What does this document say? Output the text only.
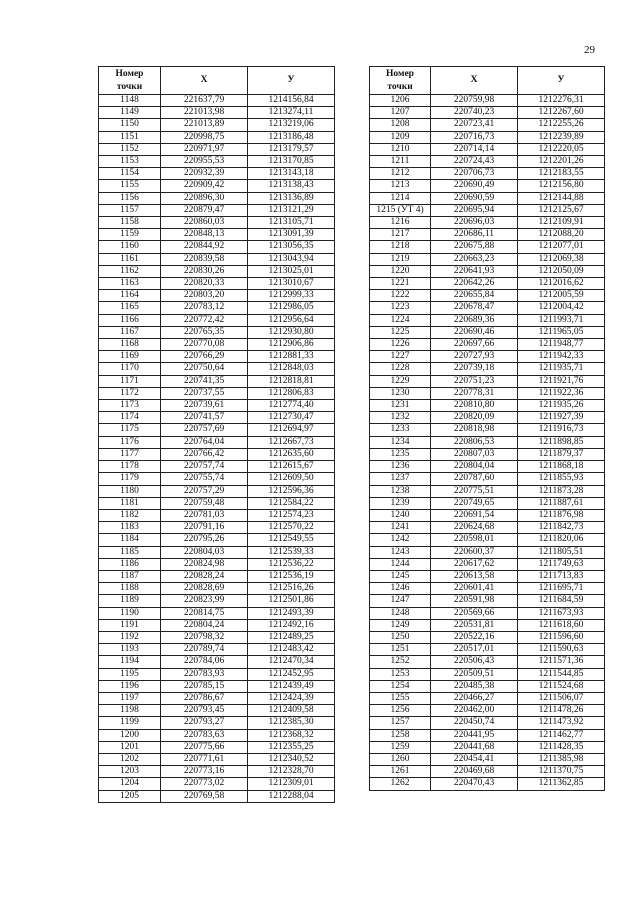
29
Номер точки	Х	У
1148	221637,79	1214156,84
1149	221013,98	1213274,11
1150	221013,89	1213219,06
1151	220998,75	1213186,48
1152	220971,97	1213179,57
1153	220955,53	1213170,85
1154	220932,39	1213143,18
1155	220909,42	1213138,43
1156	220896,30	1213136,89
1157	220879,47	1213121,29
1158	220860,03	1213105,71
1159	220848,13	1213091,39
1160	220844,92	1213056,35
1161	220839,58	1213043,94
1162	220830,26	1213025,01
1163	220820,33	1213010,67
1164	220803,20	1212999,33
1165	220783,12	1212986,05
1166	220772,42	1212956,64
1167	220765,35	1212930,80
1168	220770,08	1212906,86
1169	220766,29	1212881,33
1170	220750,64	1212848,03
1171	220741,35	1212818,81
1172	220737,55	1212806,83
1173	220739,61	1212774,40
1174	220741,57	1212730,47
1175	220757,69	1212694,97
1176	220764,04	1212667,73
1177	220766,42	1212635,60
1178	220757,74	1212615,67
1179	220755,74	1212609,50
1180	220757,29	1212596,36
1181	220759,48	1212584,22
1182	220781,03	1212574,23
1183	220791,16	1212570,22
1184	220795,26	1212549,55
1185	220804,03	1212539,33
1186	220824,98	1212536,22
1187	220828,24	1212536,19
1188	220828,69	1212516,26
1189	220823,99	1212501,86
1190	220814,75	1212493,39
1191	220804,24	1212492,16
1192	220798,32	1212489,25
1193	220789,74	1212483,42
1194	220784,06	1212470,34
1195	220783,93	1212452,95
1196	220785,15	1212439,49
1197	220786,67	1212424,39
1198	220793,45	1212409,58
1199	220793,27	1212385,30
1200	220783,63	1212368,32
1201	220775,66	1212355,25
1202	220771,61	1212340,52
1203	220773,16	1212328,70
1204	220773,02	1212309,01
1205	220769,58	1212288,04
Номер точки	Х	У
1206	220759,98	1212276,31
1207	220740,23	1212267,60
1208	220723,41	1212255,26
1209	220716,73	1212239,89
1210	220714,14	1212220,05
1211	220724,43	1212201,26
1212	220706,73	1212183,55
1213	220690,49	1212156,80
1214	220690,59	1212144,88
1215 (УТ 4)	220695,94	1212125,67
1216	220696,03	1212109,91
1217	220686,11	1212088,20
1218	220675,88	1212077,01
1219	220663,23	1212069,38
1220	220641,93	1212050,09
1221	220642,26	1212016,62
1222	220655,84	1212005,59
1223	220678,47	1212004,42
1224	220689,36	1211993,71
1225	220690,46	1211965,05
1226	220697,66	1211948,77
1227	220727,93	1211942,33
1228	220739,18	1211935,71
1229	220751,23	1211921,76
1230	220778,31	1211922,36
1231	220810,80	1211935,26
1232	220820,09	1211927,39
1233	220818,98	1211916,73
1234	220806,53	1211898,85
1235	220807,03	1211879,37
1236	220804,04	1211868,18
1237	220787,60	1211855,93
1238	220775,51	1211873,28
1239	220749,65	1211887,61
1240	220691,54	1211876,98
1241	220624,68	1211842,73
1242	220598,01	1211820,06
1243	220600,37	1211805,51
1244	220617,62	1211749,63
1245	220613,58	1211713,83
1246	220601,41	1211695,71
1247	220591,98	1211684,59
1248	220569,66	1211673,93
1249	220531,81	1211618,60
1250	220522,16	1211596,60
1251	220517,01	1211590,63
1252	220506,43	1211571,36
1253	220509,51	1211544,85
1254	220485,38	1211524,68
1255	220466,27	1211506,07
1256	220462,00	1211478,26
1257	220450,74	1211473,92
1258	220441,95	1211462,77
1259	220441,68	1211428,35
1260	220454,41	1211385,98
1261	220469,68	1211370,75
1262	220470,43	1211362,85
